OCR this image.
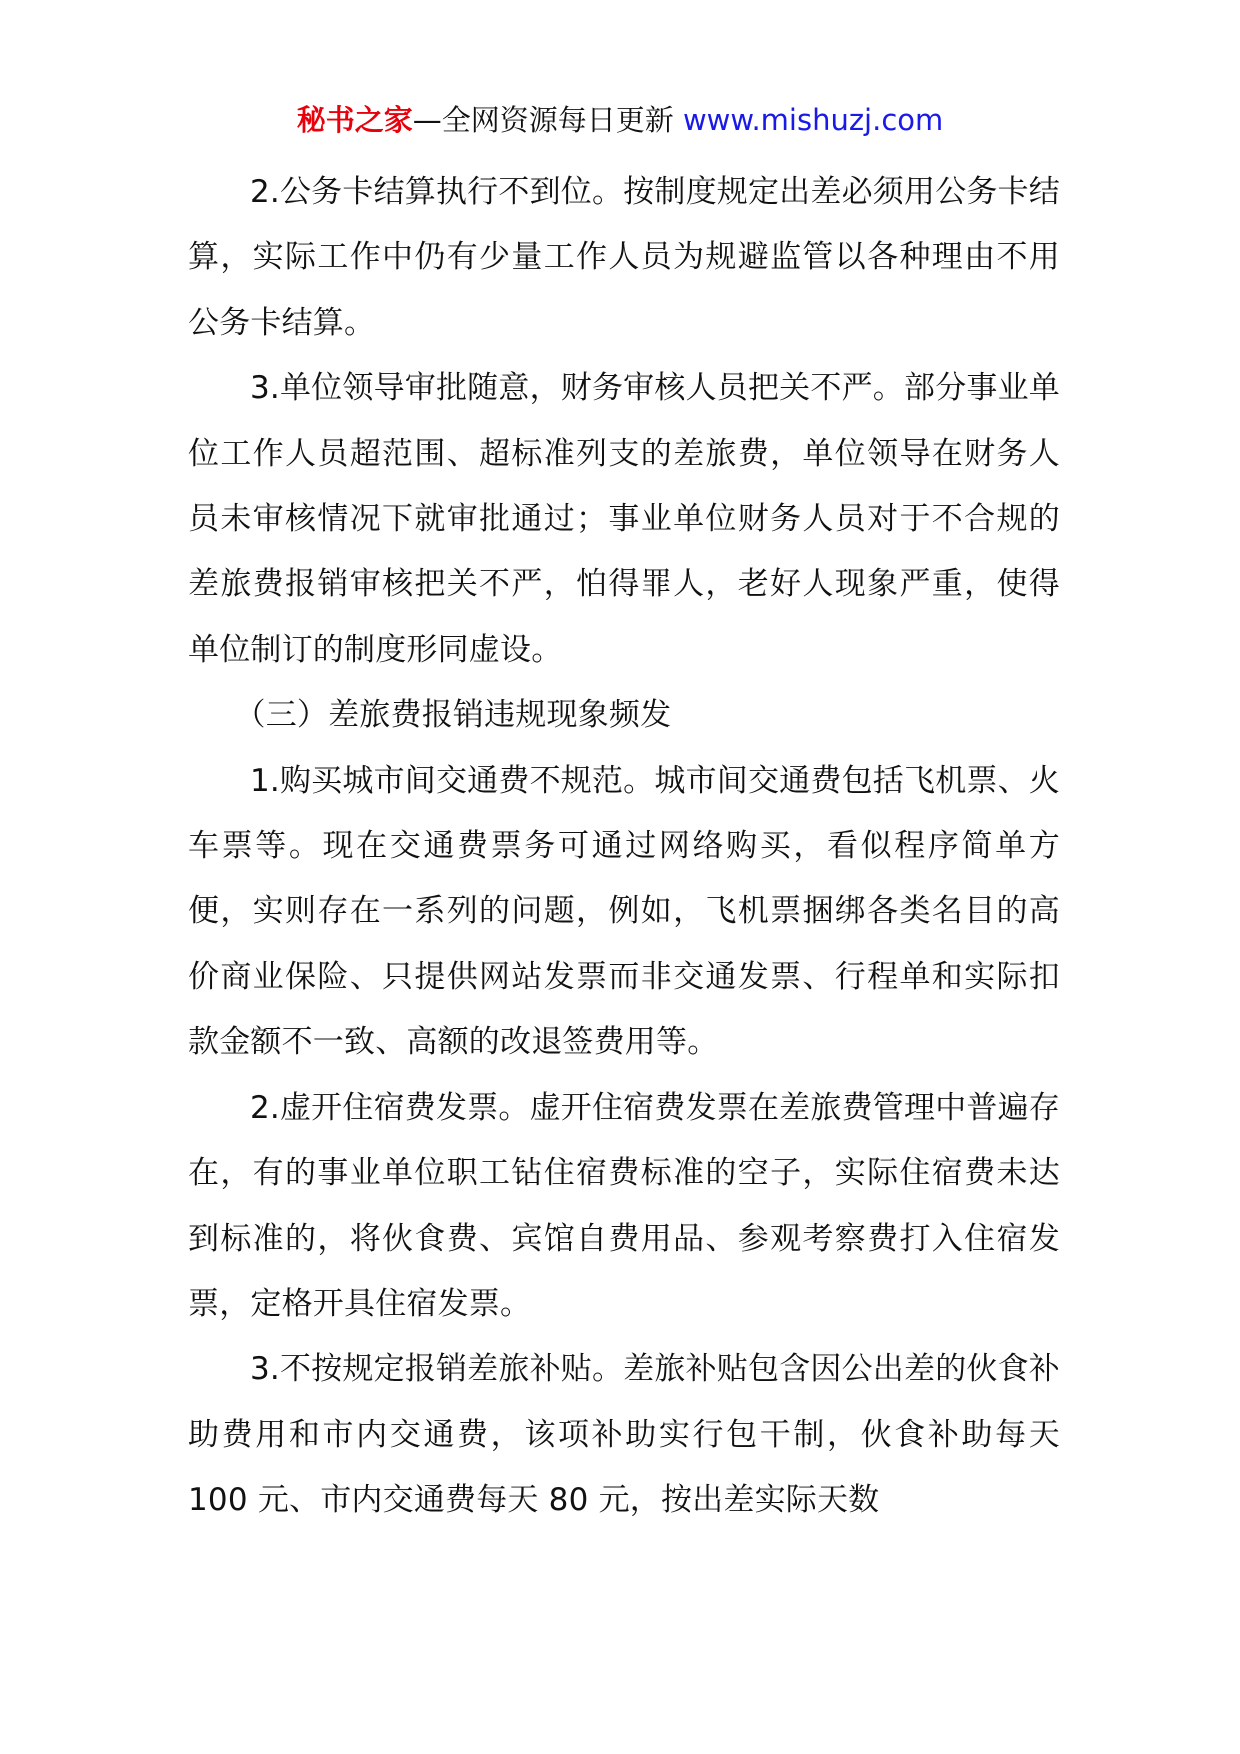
秘书之家—全网资源每日更新 www.mishuzj.com

2.公务卡结算执行不到位。按制度规定出差必须用公务卡结算，实际工作中仍有少量工作人员为规避监管以各种理由不用公务卡结算。

3.单位领导审批随意，财务审核人员把关不严。部分事业单位工作人员超范围、超标准列支的差旅费，单位领导在财务人员未审核情况下就审批通过；事业单位财务人员对于不合规的差旅费报销审核把关不严，怕得罪人，老好人现象严重，使得单位制订的制度形同虚设。

（三）差旅费报销违规现象频发

1.购买城市间交通费不规范。城市间交通费包括飞机票、火车票等。现在交通费票务可通过网络购买，看似程序简单方便，实则存在一系列的问题，例如，飞机票捆绑各类名目的高价商业保险、只提供网站发票而非交通发票、行程单和实际扣款金额不一致、高额的改退签费用等。

2.虚开住宿费发票。虚开住宿费发票在差旅费管理中普遍存在，有的事业单位职工钻住宿费标准的空子，实际住宿费未达到标准的，将伙食费、宾馆自费用品、参观考察费打入住宿发票，定格开具住宿发票。

3.不按规定报销差旅补贴。差旅补贴包含因公出差的伙食补助费用和市内交通费，该项补助实行包干制，伙食补助每天 100 元、市内交通费每天 80 元，按出差实际天数
